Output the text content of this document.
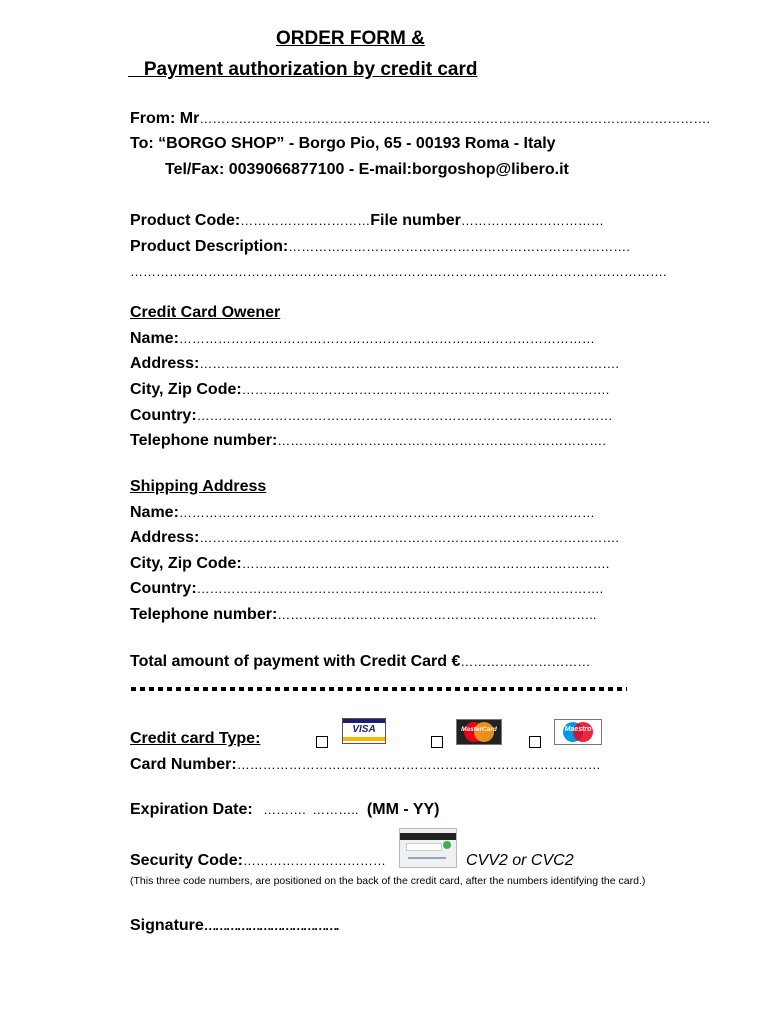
ORDER FORM &
Payment authorization by credit card
From: Mr……………………………………………………………………………………………………….
To: “BORGO SHOP” - Borgo Pio, 65 - 00193 Roma - Italy
Tel/Fax: 0039066877100 - E-mail:borgoshop@libero.it
Product Code:…………………………File number……………………………
Product Description:…………………………………………………………………….
…………………………………………………………………………………………………………….
Credit Card Owener
Name:……………………………………………………………………………………
Address:…………………………………………………………………………………….
City, Zip Code:………………………………………………………………………….
Country:……………………………………………………………………………………
Telephone number:………………………………………………………………….
Shipping Address
Name:……………………………………………………………………………………
Address:…………………………………………………………………………………….
City, Zip Code:………………………………………………………………………….
Country:………………………………………………………………………………….
Telephone number:………………………………………………………………..
Total amount of payment with Credit Card €…………………………
Credit card Type:
VISA	MasterCard	Maestro
Card Number:…………………………………………………………………………
Expiration Date: ………. ……….. (MM - YY)
Security Code:……………………………	CVV2 or CVC2
(This three code numbers, are positioned on the back of the credit card, after the numbers identifying the card.)
Signature……………………………….
